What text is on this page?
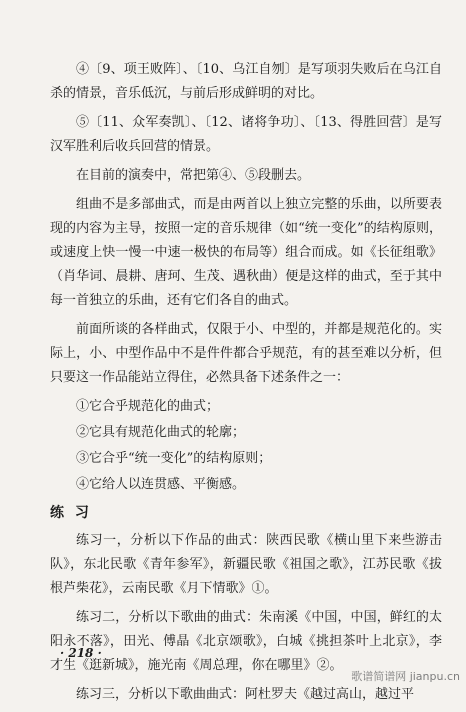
④〔9、项王败阵〕、〔10、乌江自刎〕是写项羽失败后在乌江自杀的情景，音乐低沉，与前后形成鲜明的对比。

⑤〔11、众军奏凯〕、〔12、诸将争功〕、〔13、得胜回营〕是写汉军胜利后收兵回营的情景。

在目前的演奏中，常把第④、⑤段删去。

组曲不是多部曲式，而是由两首以上独立完整的乐曲，以所要表现的内容为主导，按照一定的音乐规律（如“统一变化”的结构原则，或速度上快一慢一中速一极快的布局等）组合而成。如《长征组歌》（肖华词、晨耕、唐珂、生茂、遇秋曲）便是这样的曲式，至于其中每一首独立的乐曲，还有它们各自的曲式。

前面所谈的各样曲式，仅限于小、中型的，并都是规范化的。实际上，小、中型作品中不是件件都合乎规范，有的甚至难以分析，但只要这一作品能站立得住，必然具备下述条件之一：

①它合乎规范化的曲式；

②它具有规范化曲式的轮廓；

③它合乎“统一变化”的结构原则；

④它给人以连贯感、平衡感。

练 习

练习一，分析以下作品的曲式：陕西民歌《横山里下来些游击队》，东北民歌《青年参军》，新疆民歌《祖国之歌》，江苏民歌《拔根芦柴花》，云南民歌《月下情歌》①。

练习二，分析以下歌曲的曲式：朱南溪《中国，中国，鲜红的太阳永不落》，田光、傅晶《北京颂歌》，白城《挑担茶叶上北京》，李才生《逛新城》，施光南《周总理，你在哪里》②。

练习三，分析以下歌曲曲式：阿杜罗夫《越过高山，越过平

· 218 ·
歌谱简谱网 jianpu.cn
